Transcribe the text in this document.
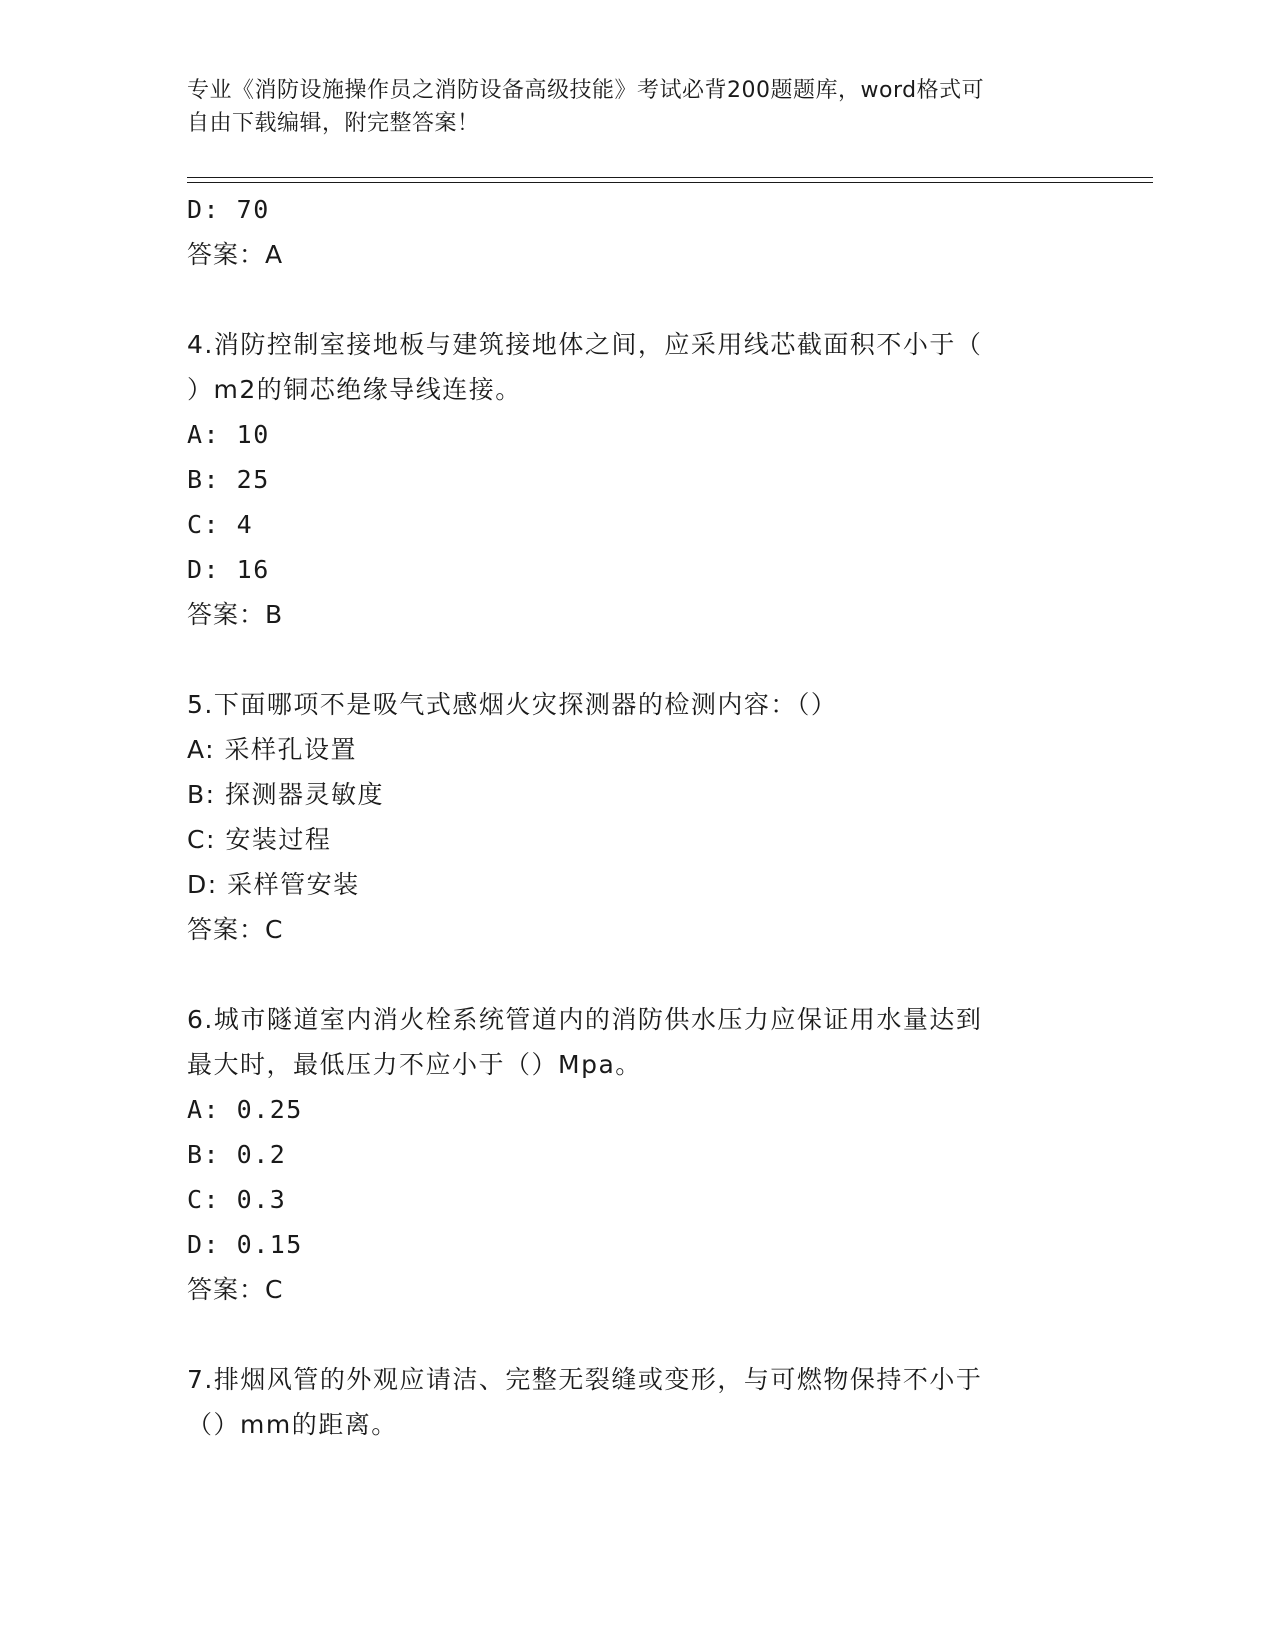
专业《消防设施操作员之消防设备高级技能》考试必背200题题库，word格式可
自由下载编辑，附完整答案！
D: 70
答案：A
4.消防控制室接地板与建筑接地体之间，应采用线芯截面积不小于（
）m2的铜芯绝缘导线连接。
A: 10
B: 25
C: 4
D: 16
答案：B
5.下面哪项不是吸气式感烟火灾探测器的检测内容：（）
A: 采样孔设置
B: 探测器灵敏度
C: 安装过程
D: 采样管安装
答案：C
6.城市隧道室内消火栓系统管道内的消防供水压力应保证用水量达到
最大时，最低压力不应小于（）Mpa。
A: 0.25
B: 0.2
C: 0.3
D: 0.15
答案：C
7.排烟风管的外观应请洁、完整无裂缝或变形，与可燃物保持不小于
（）mm的距离。
